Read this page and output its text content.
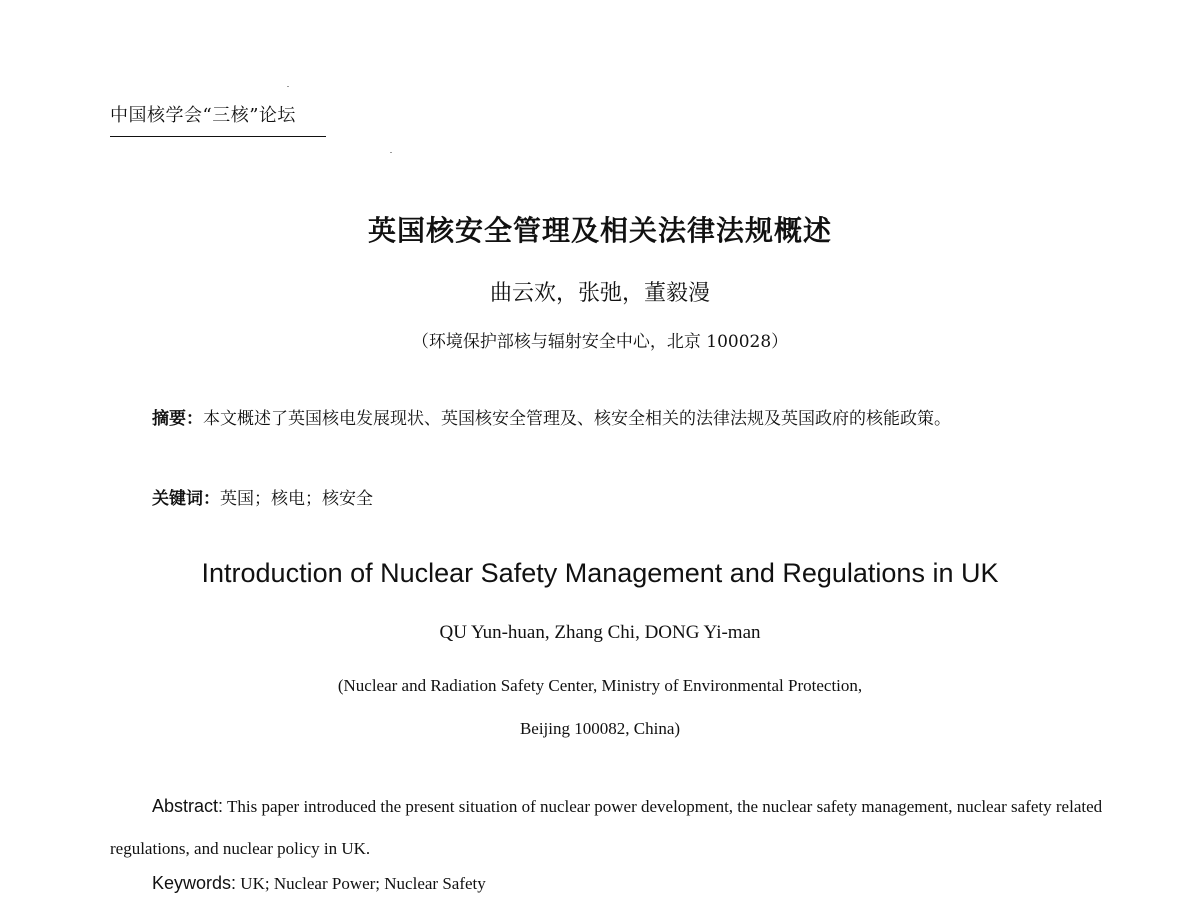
中国核学会“三核”论坛
英国核安全管理及相关法律法规概述
曲云欢，张弛，董毅漫
（环境保护部核与辐射安全中心，北京 100028）

摘要：本文概述了英国核电发展现状、英国核安全管理及、核安全相关的法律法规及英国政府的核能政策。

关键词：英国；核电；核安全
Introduction of Nuclear Safety Management and Regulations in UK
QU Yun-huan, Zhang Chi, DONG Yi-man
(Nuclear and Radiation Safety Center, Ministry of Environmental Protection,
Beijing 100082, China)

Abstract: This paper introduced the present situation of nuclear power development, the nuclear safety management, nuclear safety related regulations, and nuclear policy in UK.

Keywords: UK; Nuclear Power; Nuclear Safety
